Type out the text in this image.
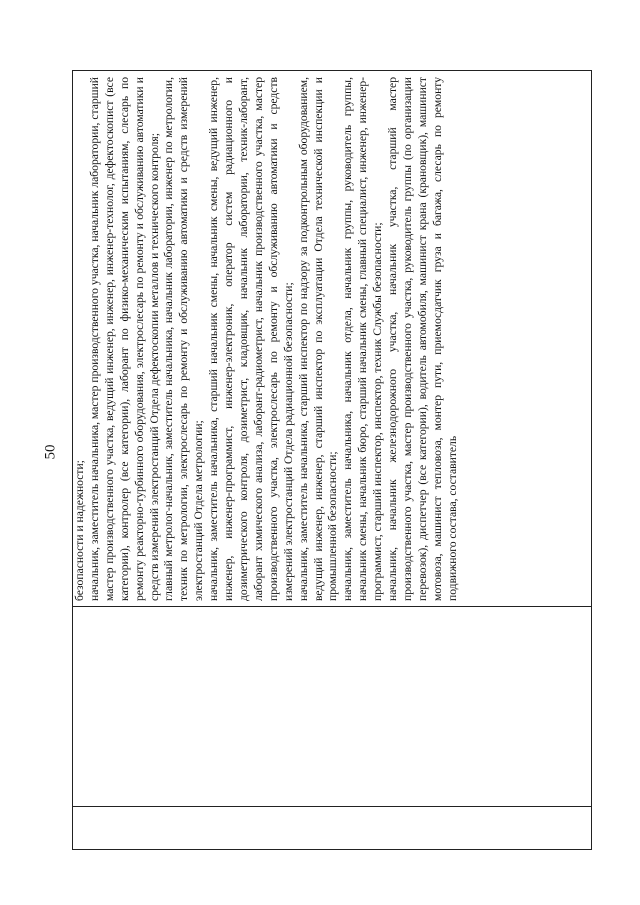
50

безопасности и надежности; начальник, заместитель начальника, мастер производственного участка, начальник лаборатории, старший мастер производственного участка, ведущий инженер, инженер, инженер-технолог, дефектоскопист (все категории), контролер (все категории), лаборант по физико-механическим испытаниям, слесарь по ремонту реакторно-турбинного оборудования, электрослесарь по ремонту и обслуживанию автоматики и средств измерений электростанций Отдела дефектоскопии металлов и технического контроля; главный метролог-начальник, заместитель начальника, начальник лаборатории, инженер по метрологии, техник по метрологии, электрослесарь по ремонту и обслуживанию автоматики и средств измерений электростанций Отдела метрологии; начальник, заместитель начальника, старший начальник смены, начальник смены, ведущий инженер, инженер, инженер-программист, инженер-электроник, оператор систем радиационного и дозиметрического контроля, дозиметрист, кладовщик, начальник лаборатории, техник-лаборант, лаборант химического анализа, лаборант-радиометрист, начальник производственного участка, мастер производственного участка, электрослесарь по ремонту и обслуживанию автоматики и средств измерений электростанций Отдела радиационной безопасности; начальник, заместитель начальника, старший инспектор по надзору за подконтрольным оборудованием, ведущий инженер, инженер, старший инспектор по эксплуатации Отдела технической инспекции и промышленной безопасности; начальник, заместитель начальника, начальник отдела, начальник группы, руководитель группы, начальник смены, начальник бюро, старший начальник смены, главный специалист, инженер, инженер-программист, старший инспектор, инспектор, техник Службы безопасности; начальник, начальник железнодорожного участка, начальник участка, старший мастер производственного участка, мастер производственного участка, руководитель группы (по организации перевозок), диспетчер (все категории), водитель автомобиля, машинист крана (крановщик), машинист мотовоза, машинист тепловоза, монтер пути, приемосдатчик груза и багажа, слесарь по ремонту подвижного состава, составитель
